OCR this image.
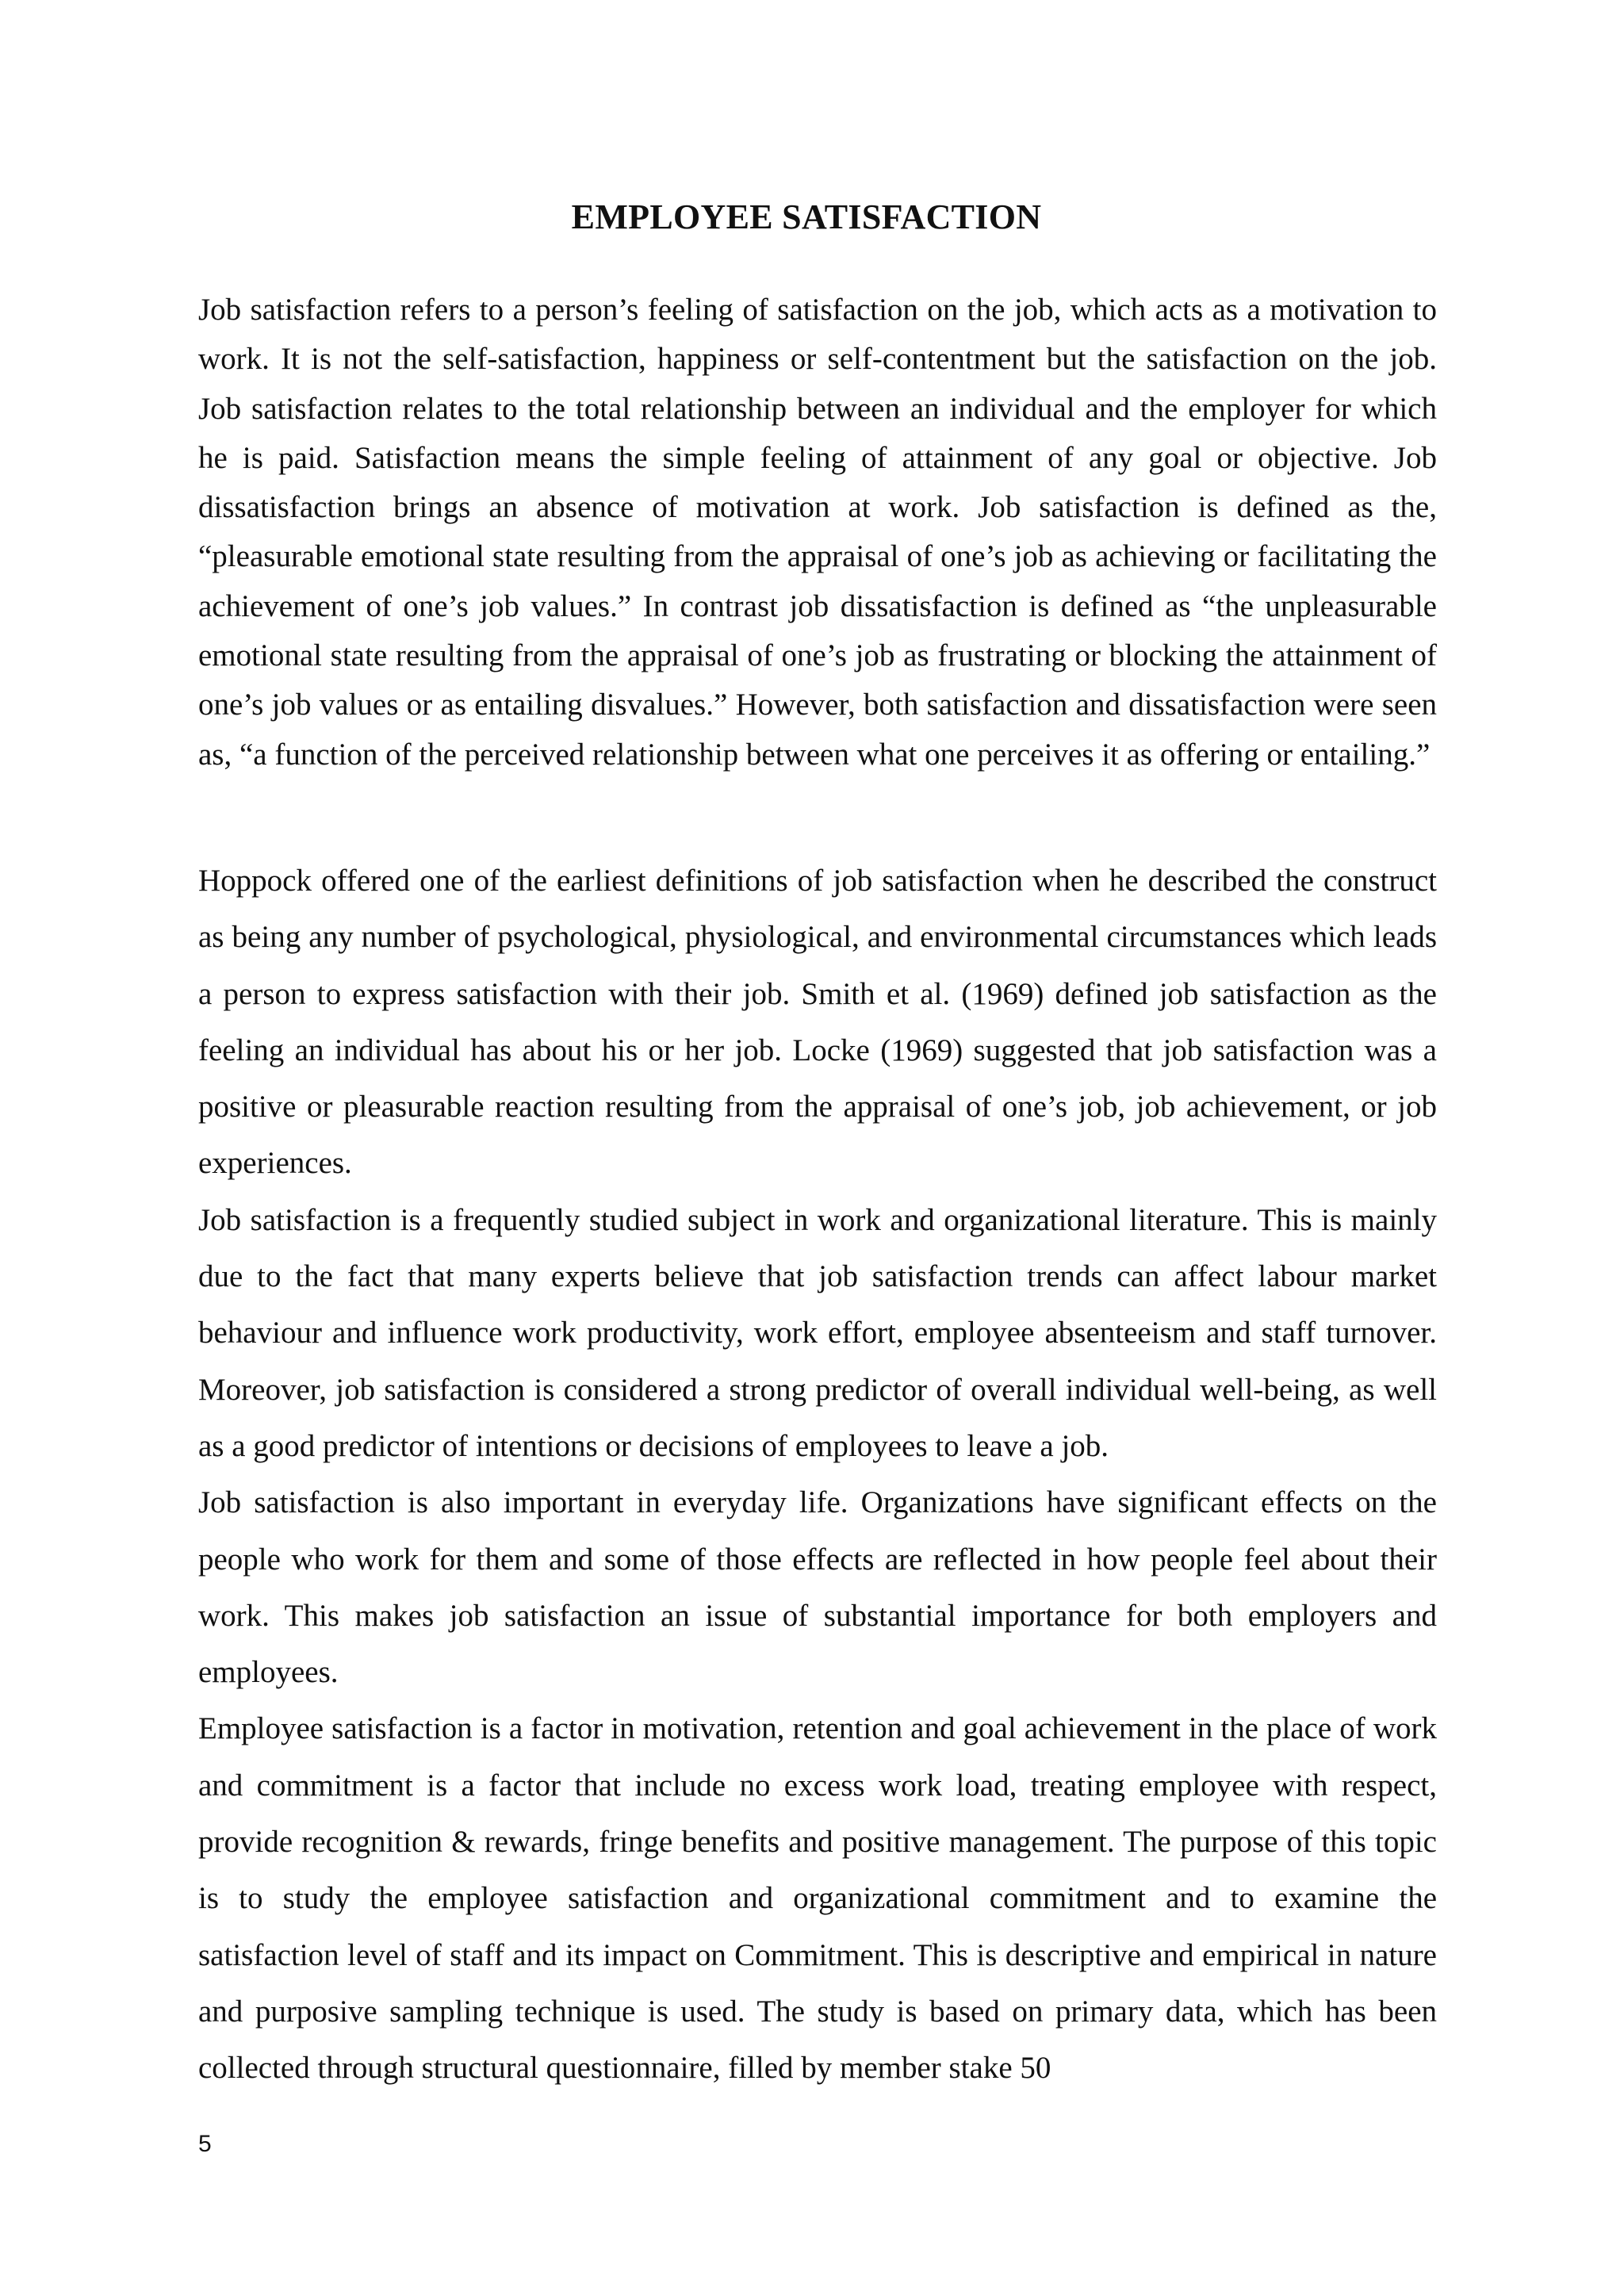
EMPLOYEE SATISFACTION
Job satisfaction refers to a person’s feeling of satisfaction on the job, which acts as a motivation to work. It is not the self-satisfaction, happiness or self-contentment but the satisfaction on the job. Job satisfaction relates to the total relationship between an individual and the employer for which he is paid. Satisfaction means the simple feeling of attainment of any goal or objective. Job dissatisfaction brings an absence of motivation at work. Job satisfaction is defined as the, “pleasurable emotional state resulting from the appraisal of one’s job as achieving or facilitating the achievement of one’s job values.” In contrast job dissatisfaction is defined as “the unpleasurable emotional state resulting from the appraisal of one’s job as frustrating or blocking the attainment of one’s job values or as entailing disvalues.” However, both satisfaction and dissatisfaction were seen as, “a function of the perceived relationship between what one perceives it as offering or entailing.”

Hoppock offered one of the earliest definitions of job satisfaction when he described the construct as being any number of psychological, physiological, and environmental circumstances which leads a person to express satisfaction with their job. Smith et al. (1969) defined job satisfaction as the feeling an individual has about his or her job. Locke (1969) suggested that job satisfaction was a positive or pleasurable reaction resulting from the appraisal of one’s job, job achievement, or job experiences.

Job satisfaction is a frequently studied subject in work and organizational literature. This is mainly due to the fact that many experts believe that job satisfaction trends can affect labour market behaviour and influence work productivity, work effort, employee absenteeism and staff turnover. Moreover, job satisfaction is considered a strong predictor of overall individual well-being, as well as a good predictor of intentions or decisions of employees to leave a job.

Job satisfaction is also important in everyday life. Organizations have significant effects on the people who work for them and some of those effects are reflected in how people feel about their work. This makes job satisfaction an issue of substantial importance for both employers and employees.

Employee satisfaction is a factor in motivation, retention and goal achievement in the place of work and commitment is a factor that include no excess work load, treating employee with respect, provide recognition & rewards, fringe benefits and positive management. The purpose of this topic is to study the employee satisfaction and organizational commitment and to examine the satisfaction level of staff and its impact on Commitment. This is descriptive and empirical in nature and purposive sampling technique is used. The study is based on primary data, which has been collected through structural questionnaire, filled by member stake 50

5
